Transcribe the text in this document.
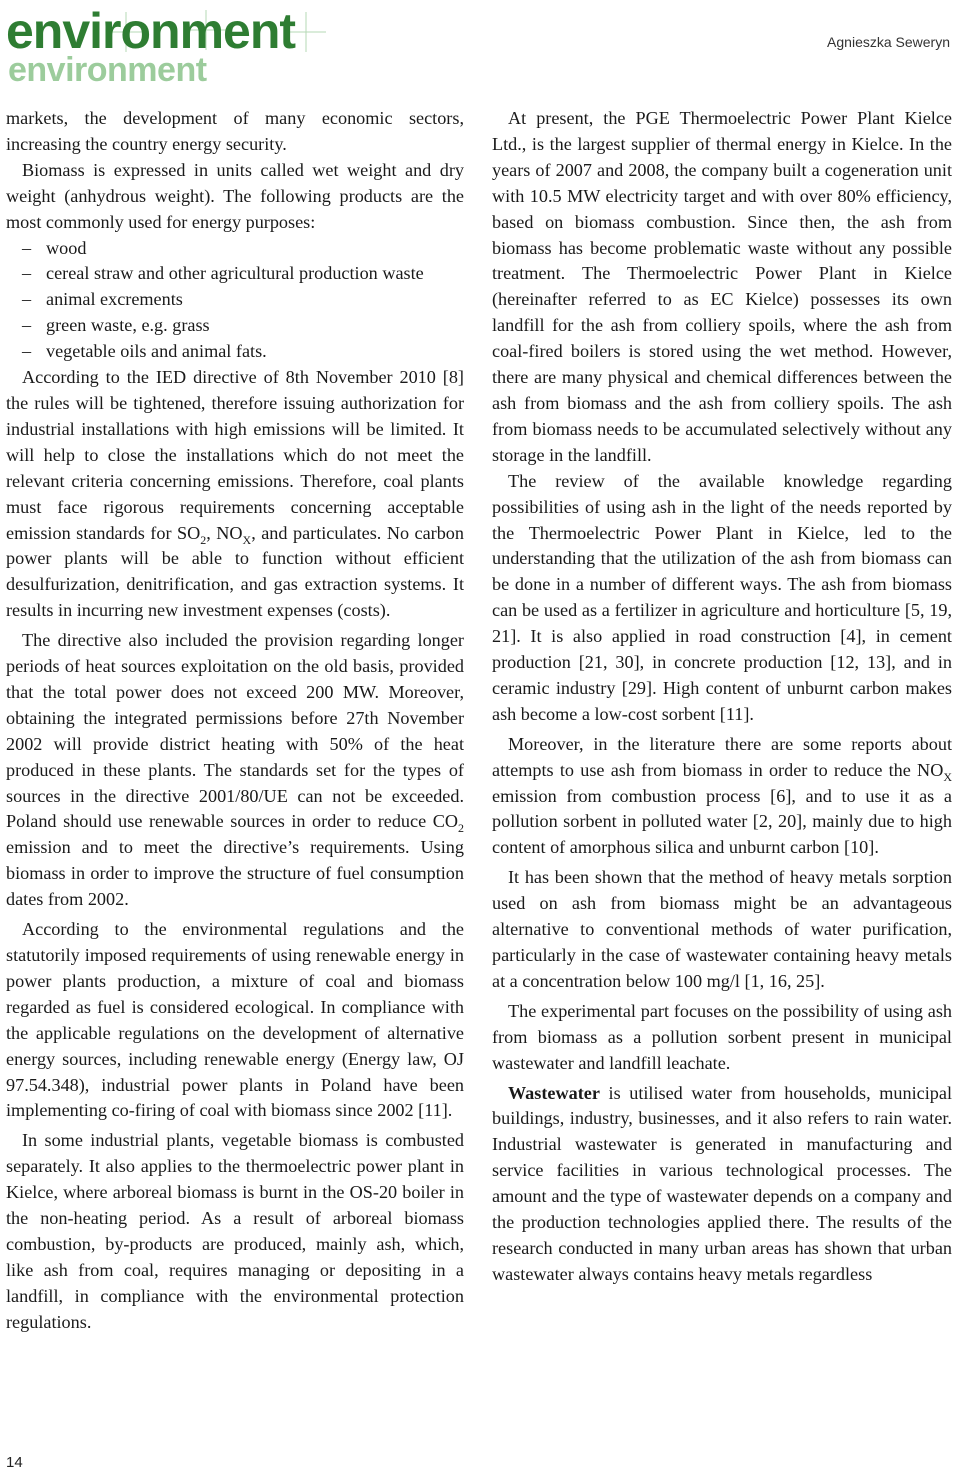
environment
environment	Agnieszka Seweryn

markets, the development of many economic sectors, increasing the country energy security.

Biomass is expressed in units called wet weight and dry weight (anhydrous weight). The following products are the most commonly used for energy purposes:

– wood
– cereal straw and other agricultural production waste
– animal excrements
– green waste, e.g. grass
– vegetable oils and animal fats.

According to the IED directive of 8th November 2010 [8] the rules will be tightened, therefore issuing authorization for industrial installations with high emissions will be limited. It will help to close the installations which do not meet the relevant criteria concerning emissions. Therefore, coal plants must face rigorous requirements concerning acceptable emission standards for $SO_2$, $NO_X$, and particulates. No carbon power plants will be able to function without efficient desulfurization, denitrification, and gas extraction systems. It results in incurring new investment expenses (costs).

The directive also included the provision regarding longer periods of heat sources exploitation on the old basis, provided that the total power does not exceed 200 MW. Moreover, obtaining the integrated permissions before 27th November 2002 will provide district heating with 50% of the heat produced in these plants. The standards set for the types of sources in the directive 2001/80/UE can not be exceeded. Poland should use renewable sources in order to reduce $CO_2$ emission and to meet the directive’s requirements. Using biomass in order to improve the structure of fuel consumption dates from 2002.

According to the environmental regulations and the statutorily imposed requirements of using renewable energy in power plants production, a mixture of coal and biomass regarded as fuel is considered ecological. In compliance with the applicable regulations on the development of alternative energy sources, including renewable energy (Energy law, OJ 97.54.348), industrial power plants in Poland have been implementing co-firing of coal with biomass since 2002 [11].

In some industrial plants, vegetable biomass is combusted separately. It also applies to the thermoelectric power plant in Kielce, where arboreal biomass is burnt in the OS-20 boiler in the non-heating period. As a result of arboreal biomass combustion, by-products are produced, mainly ash, which, like ash from coal, requires managing or depositing in a landfill, in compliance with the environmental protection regulations.

At present, the PGE Thermoelectric Power Plant Kielce Ltd., is the largest supplier of thermal energy in Kielce. In the years of 2007 and 2008, the company built a cogeneration unit with 10.5 MW electricity target and with over 80% efficiency, based on biomass combustion. Since then, the ash from biomass has become problematic waste without any possible treatment. The Thermoelectric Power Plant in Kielce (hereinafter referred to as EC Kielce) possesses its own landfill for the ash from colliery spoils, where the ash from coal-fired boilers is stored using the wet method. However, there are many physical and chemical differences between the ash from biomass and the ash from colliery spoils. The ash from biomass needs to be accumulated selectively without any storage in the landfill.

The review of the available knowledge regarding possibilities of using ash in the light of the needs reported by the Thermoelectric Power Plant in Kielce, led to the understanding that the utilization of the ash from biomass can be done in a number of different ways. The ash from biomass can be used as a fertilizer in agriculture and horticulture [5, 19, 21]. It is also applied in road construction [4], in cement production [21, 30], in concrete production [12, 13], and in ceramic industry [29]. High content of unburnt carbon makes ash become a low-cost sorbent [11].

Moreover, in the literature there are some reports about attempts to use ash from biomass in order to reduce the $NO_X$ emission from combustion process [6], and to use it as a pollution sorbent in polluted water [2, 20], mainly due to high content of amorphous silica and unburnt carbon [10].

It has been shown that the method of heavy metals sorption used on ash from biomass might be an advantageous alternative to conventional methods of water purification, particularly in the case of wastewater containing heavy metals at a concentration below 100 mg/l [1, 16, 25].

The experimental part focuses on the possibility of using ash from biomass as a pollution sorbent present in municipal wastewater and landfill leachate.

Wastewater is utilised water from households, municipal buildings, industry, businesses, and it also refers to rain water. Industrial wastewater is generated in manufacturing and service facilities in various technological processes. The amount and the type of wastewater depends on a company and the production technologies applied there. The results of the research conducted in many urban areas has shown that urban wastewater always contains heavy metals regardless

14
